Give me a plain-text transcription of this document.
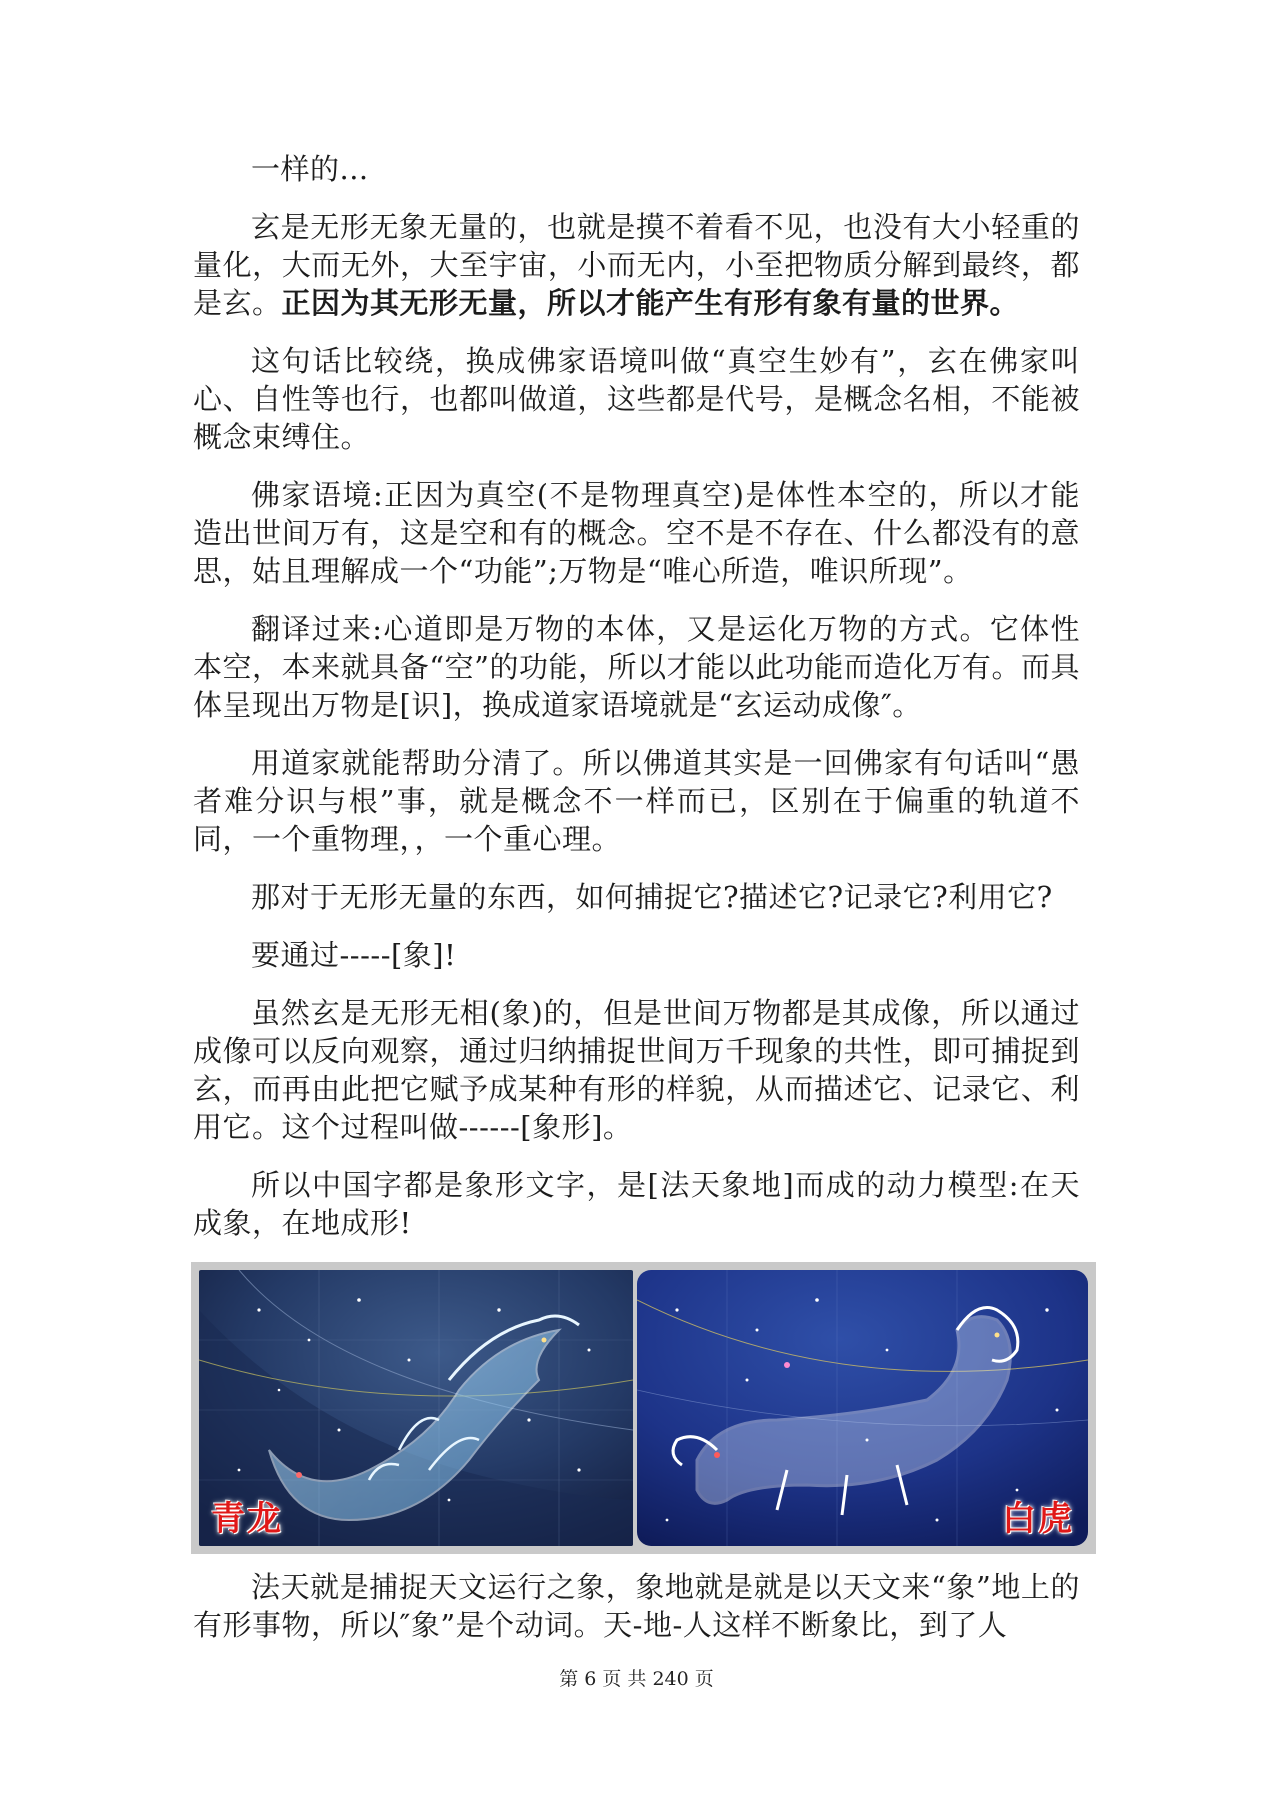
一样的...

玄是无形无象无量的，也就是摸不着看不见，也没有大小轻重的量化，大而无外，大至宇宙，小而无内，小至把物质分解到最终，都是玄。正因为其无形无量，所以才能产生有形有象有量的世界。

这句话比较绕，换成佛家语境叫做“真空生妙有”，玄在佛家叫心、自性等也行，也都叫做道，这些都是代号，是概念名相，不能被概念束缚住。

佛家语境:正因为真空(不是物理真空)是体性本空的，所以才能造出世间万有，这是空和有的概念。空不是不存在、什么都没有的意思，姑且理解成一个“功能”;万物是“唯心所造，唯识所现”。

翻译过来:心道即是万物的本体，又是运化万物的方式。它体性本空，本来就具备“空”的功能，所以才能以此功能而造化万有。而具体呈现出万物是[识]，换成道家语境就是“玄运动成像″。

用道家就能帮助分清了。所以佛道其实是一回佛家有句话叫“愚者难分识与根”事，就是概念不一样而已，区别在于偏重的轨道不同，一个重物理，，一个重心理。

那对于无形无量的东西，如何捕捉它?描述它?记录它?利用它?

要通过-----[象]!

虽然玄是无形无相(象)的，但是世间万物都是其成像，所以通过成像可以反向观察，通过归纳捕捉世间万千现象的共性，即可捕捉到玄，而再由此把它赋予成某种有形的样貌，从而描述它、记录它、利用它。这个过程叫做------[象形]。

所以中国字都是象形文字，是[法天象地]而成的动力模型:在天成象，在地成形!

青龙	白虎

法天就是捕捉天文运行之象，象地就是就是以天文来“象”地上的有形事物，所以″象”是个动词。天-地-人这样不断象比，到了人

第 6 页 共 240 页
